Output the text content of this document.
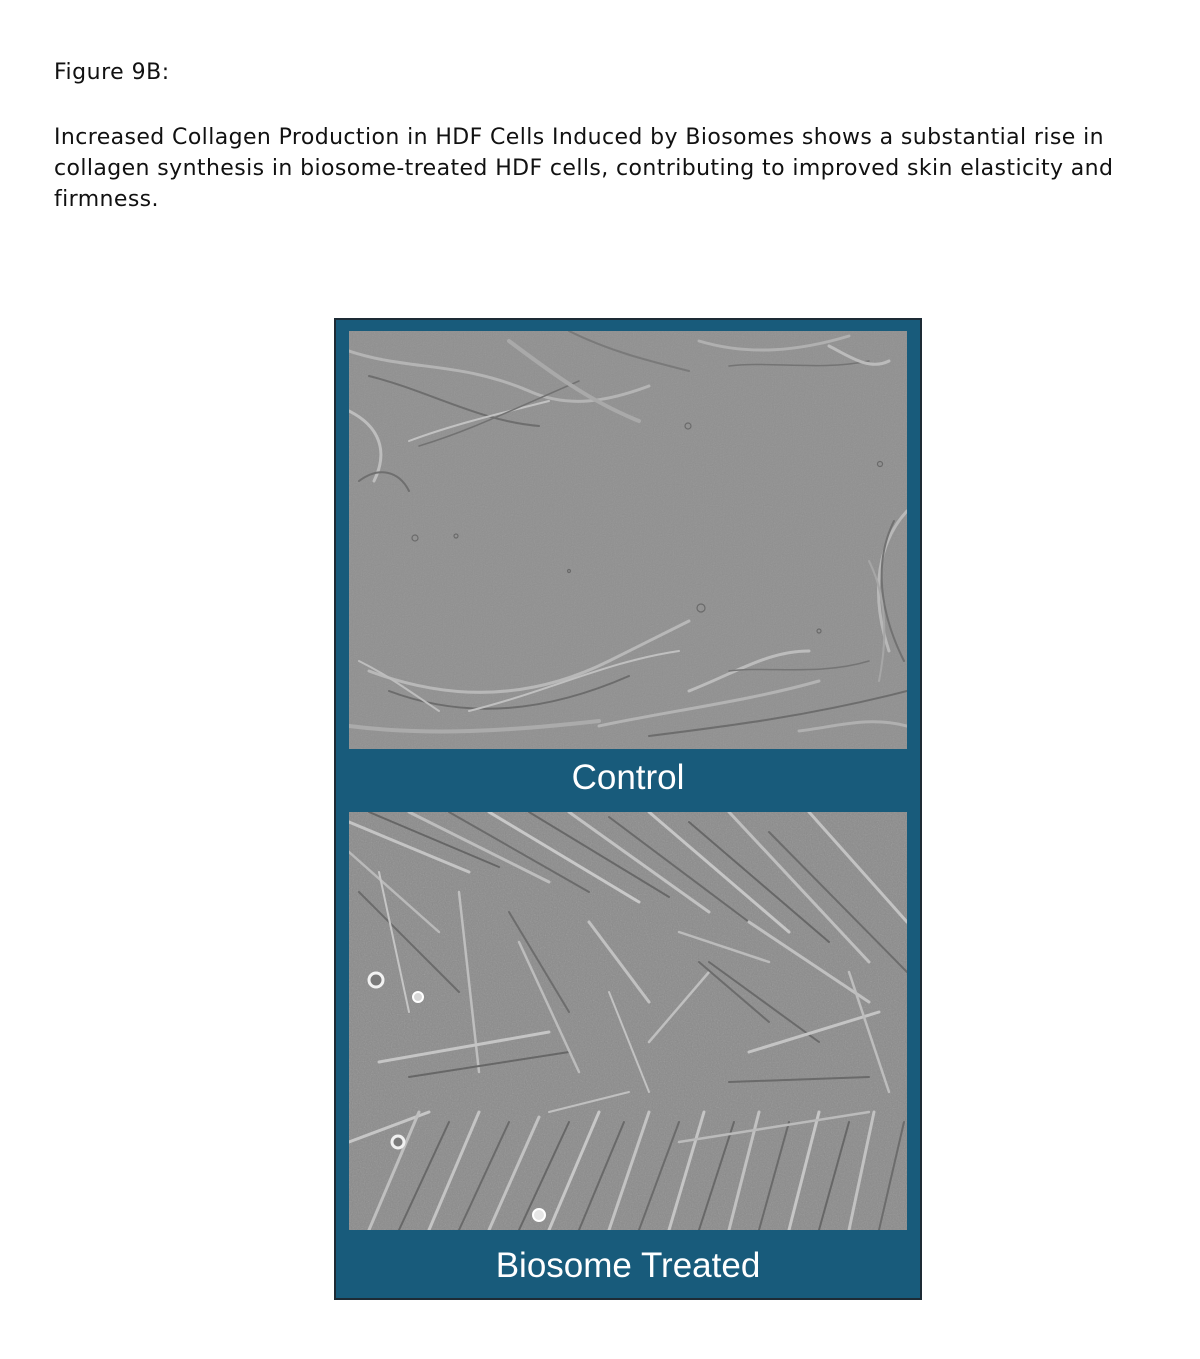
Figure 9B:

Increased Collagen Production in HDF Cells Induced by Biosomes shows a substantial rise in collagen synthesis in biosome-treated HDF cells, contributing to improved skin elasticity and firmness.

Control
Biosome Treated
